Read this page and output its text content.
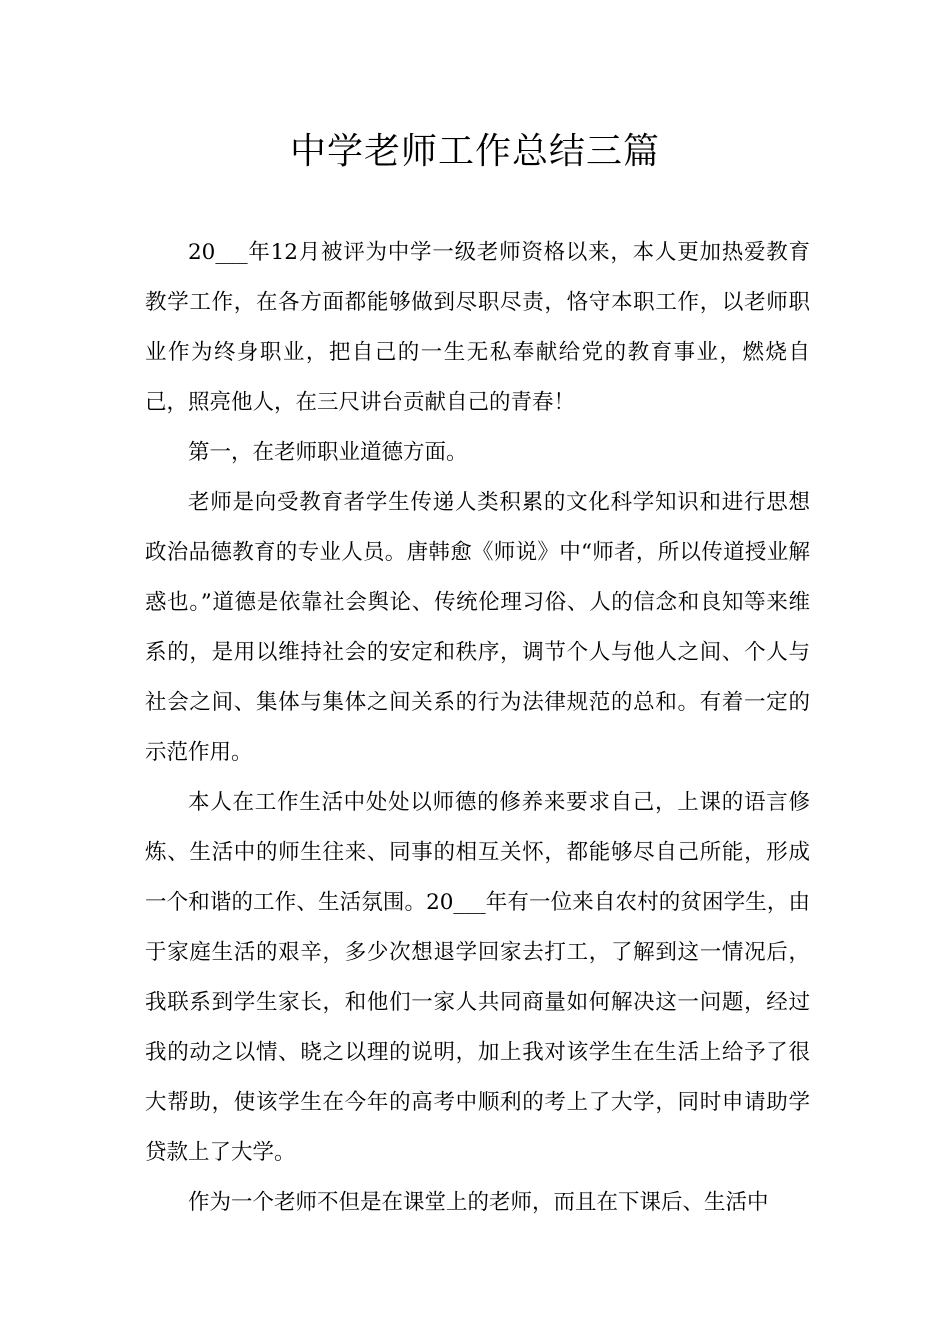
中学老师工作总结三篇

20___年12月被评为中学一级老师资格以来，本人更加热爱教育教学工作，在各方面都能够做到尽职尽责，恪守本职工作，以老师职业作为终身职业，把自己的一生无私奉献给党的教育事业，燃烧自己，照亮他人，在三尺讲台贡献自己的青春！

第一，在老师职业道德方面。

老师是向受教育者学生传递人类积累的文化科学知识和进行思想政治品德教育的专业人员。唐韩愈《师说》中“师者，所以传道授业解惑也。”道德是依靠社会舆论、传统伦理习俗、人的信念和良知等来维系的，是用以维持社会的安定和秩序，调节个人与他人之间、个人与社会之间、集体与集体之间关系的行为法律规范的总和。有着一定的示范作用。

本人在工作生活中处处以师德的修养来要求自己，上课的语言修炼、生活中的师生往来、同事的相互关怀，都能够尽自己所能，形成一个和谐的工作、生活氛围。20___年有一位来自农村的贫困学生，由于家庭生活的艰辛，多少次想退学回家去打工，了解到这一情况后，我联系到学生家长，和他们一家人共同商量如何解决这一问题，经过我的动之以情、晓之以理的说明，加上我对该学生在生活上给予了很大帮助，使该学生在今年的高考中顺利的考上了大学，同时申请助学贷款上了大学。

作为一个老师不但是在课堂上的老师，而且在下课后、生活中
